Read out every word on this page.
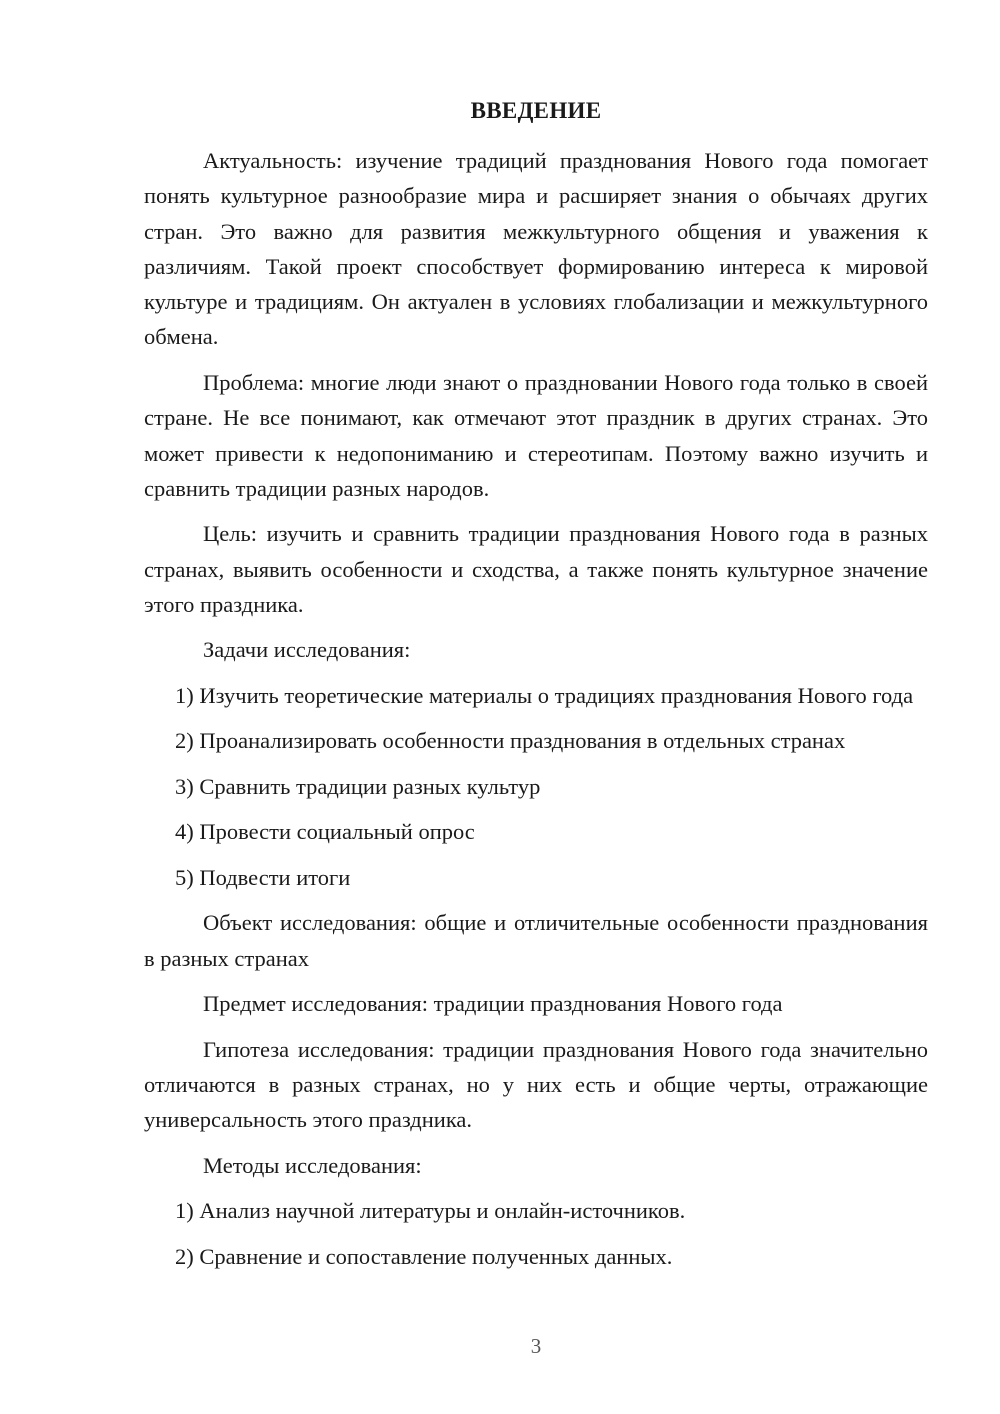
ВВЕДЕНИЕ

Актуальность: изучение традиций празднования Нового года помогает понять культурное разнообразие мира и расширяет знания о обычаях других стран. Это важно для развития межкультурного общения и уважения к различиям. Такой проект способствует формированию интереса к мировой культуре и традициям. Он актуален в условиях глобализации и межкультурного обмена.

Проблема: многие люди знают о праздновании Нового года только в своей стране. Не все понимают, как отмечают этот праздник в других странах. Это может привести к недопониманию и стереотипам. Поэтому важно изучить и сравнить традиции разных народов.

Цель: изучить и сравнить традиции празднования Нового года в разных странах, выявить особенности и сходства, а также понять культурное значение этого праздника.

Задачи исследования:

1) Изучить теоретические материалы о традициях празднования Нового года

2) Проанализировать особенности празднования в отдельных странах

3) Сравнить традиции разных культур

4) Провести социальный опрос

5) Подвести итоги

Объект исследования: общие и отличительные особенности празднования в разных странах

Предмет исследования: традиции празднования Нового года

Гипотеза исследования: традиции празднования Нового года значительно отличаются в разных странах, но у них есть и общие черты, отражающие универсальность этого праздника.

Методы исследования:

1) Анализ научной литературы и онлайн-источников.

2) Сравнение и сопоставление полученных данных.

3
